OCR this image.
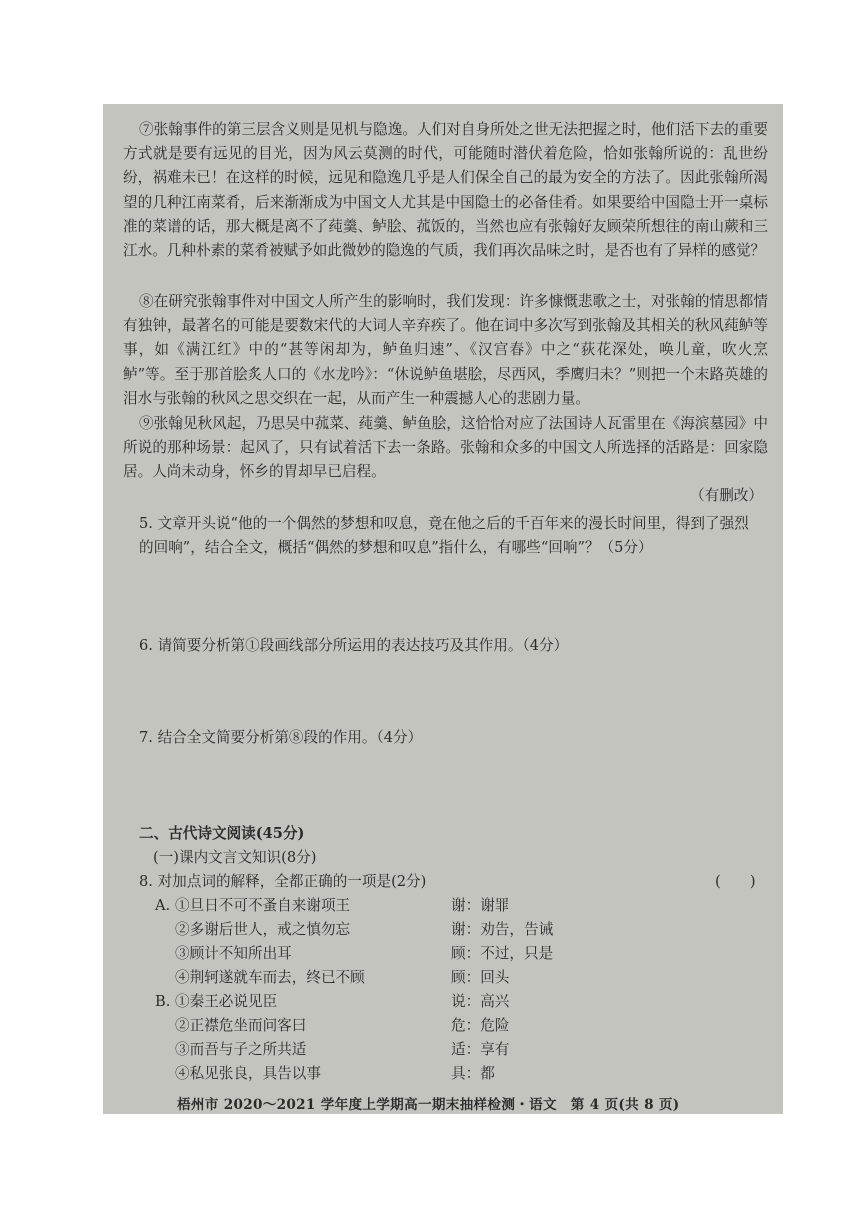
⑦张翰事件的第三层含义则是见机与隐逸。人们对自身所处之世无法把握之时，他们活下去的重要方式就是要有远见的目光，因为风云莫测的时代，可能随时潜伏着危险，恰如张翰所说的：乱世纷纷，祸难未已！在这样的时候，远见和隐逸几乎是人们保全自己的最为安全的方法了。因此张翰所渴望的几种江南菜肴，后来渐渐成为中国文人尤其是中国隐士的必备佳肴。如果要给中国隐士开一桌标准的菜谱的话，那大概是离不了莼羹、鲈脍、菰饭的，当然也应有张翰好友顾荣所想往的南山蕨和三江水。几种朴素的菜肴被赋予如此微妙的隐逸的气质，我们再次品味之时，是否也有了异样的感觉？

⑧在研究张翰事件对中国文人所产生的影响时，我们发现：许多慷慨悲歌之士，对张翰的情思都情有独钟，最著名的可能是要数宋代的大词人辛弃疾了。他在词中多次写到张翰及其相关的秋风莼鲈等事，如《满江红》中的“甚等闲却为，鲈鱼归速”、《汉宫春》中之“荻花深处，唤儿童，吹火烹鲈”等。至于那首脍炙人口的《水龙吟》：“休说鲈鱼堪脍，尽西风，季鹰归未？”则把一个末路英雄的泪水与张翰的秋风之思交织在一起，从而产生一种震撼人心的悲剧力量。

⑨张翰见秋风起，乃思吴中菰菜、莼羹、鲈鱼脍，这恰恰对应了法国诗人瓦雷里在《海滨墓园》中所说的那种场景：起风了，只有试着活下去一条路。张翰和众多的中国文人所选择的活路是：回家隐居。人尚未动身，怀乡的胃却早已启程。

（有删改）

5. 文章开头说“他的一个偶然的梦想和叹息，竟在他之后的千百年来的漫长时间里，得到了强烈的回响”，结合全文，概括“偶然的梦想和叹息”指什么，有哪些“回响”？（5分）

6. 请简要分析第①段画线部分所运用的表达技巧及其作用。（4分）

7. 结合全文简要分析第⑧段的作用。（4分）

二、古代诗文阅读(45分)

(一)课内文言文知识(8分)

8. 对加点词的解释，全都正确的一项是(2分)	(　　)

A. ①旦日不可不蚤自来谢项王	谢：谢罪

②多谢后世人，戒之慎勿忘	谢：劝告，告诫

③顾计不知所出耳	顾：不过，只是

④荆轲遂就车而去，终已不顾	顾：回头

B. ①秦王必说见臣	说：高兴

②正襟危坐而问客曰	危：危险

③而吾与子之所共适	适：享有

④私见张良，具告以事	具：都

梧州市 2020～2021 学年度上学期高一期末抽样检测・语文　第 4 页(共 8 页)
